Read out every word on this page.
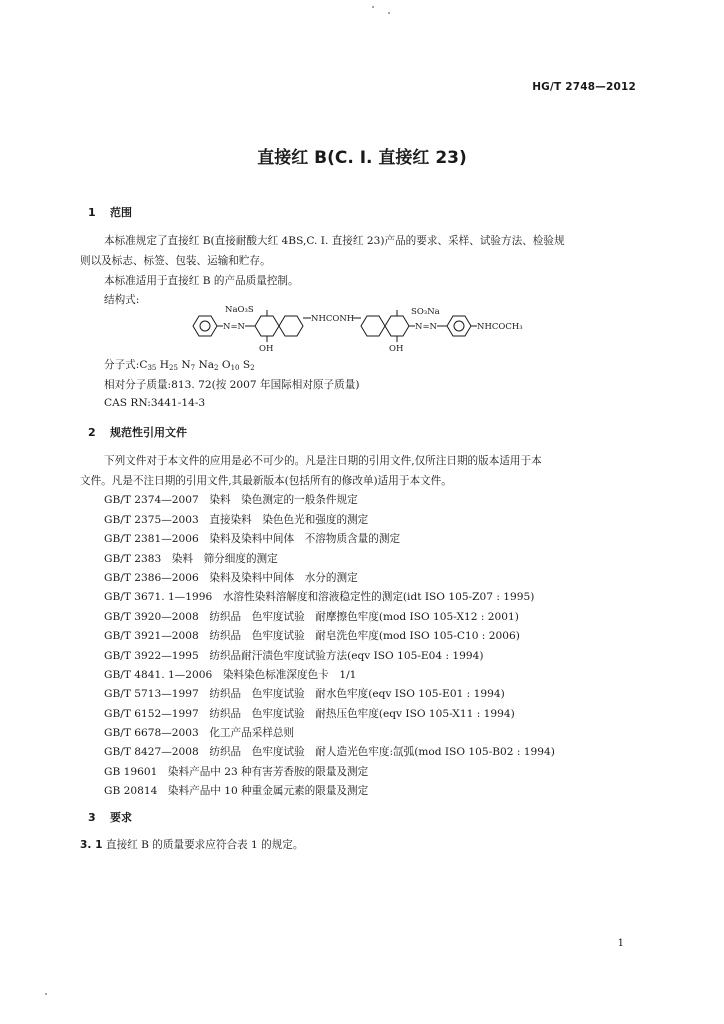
HG/T 2748—2012
直接红 B(C. I. 直接红 23)
1 范围
本标准规定了直接红 B(直接耐酸大红 4BS,C. I. 直接红 23)产品的要求、采样、试验方法、检验规
则以及标志、标签、包装、运输和贮存。
本标准适用于直接红 B 的产品质量控制。
结构式:
N=N
NaO₃S
OH
NHCONH
SO₃Na
OH
N=N	NHCOCH₃
分子式$:C_{35}$ $H_{25}$ $N_7$ $Na_2$ $O_{10}$ $S_2$
相对分子质量:813. 72(按 2007 年国际相对原子质量)
CAS RN:3441-14-3
2 规范性引用文件
下列文件对于本文件的应用是必不可少的。凡是注日期的引用文件,仅所注日期的版本适用于本
文件。凡是不注日期的引用文件,其最新版本(包括所有的修改单)适用于本文件。
GB/T 2374—2007　染料　染色测定的一般条件规定
GB/T 2375—2003　直接染料　染色色光和强度的测定
GB/T 2381—2006　染料及染料中间体　不溶物质含量的测定
GB/T 2383　染料　筛分细度的测定
GB/T 2386—2006　染料及染料中间体　水分的测定
GB/T 3671. 1—1996　水溶性染料溶解度和溶液稳定性的测定(idt ISO 105-Z07 : 1995)
GB/T 3920—2008　纺织品　色牢度试验　耐摩擦色牢度(mod ISO 105-X12 : 2001)
GB/T 3921—2008　纺织品　色牢度试验　耐皂洗色牢度(mod ISO 105-C10 : 2006)
GB/T 3922—1995　纺织品耐汗渍色牢度试验方法(eqv ISO 105-E04 : 1994)
GB/T 4841. 1—2006　染料染色标准深度色卡　1/1
GB/T 5713—1997　纺织品　色牢度试验　耐水色牢度(eqv ISO 105-E01 : 1994)
GB/T 6152—1997　纺织品　色牢度试验　耐热压色牢度(eqv ISO 105-X11 : 1994)
GB/T 6678—2003　化工产品采样总则
GB/T 8427—2008　纺织品　色牢度试验　耐人造光色牢度:氙弧(mod ISO 105-B02 : 1994)
GB 19601　染料产品中 23 种有害芳香胺的限量及测定
GB 20814　染料产品中 10 种重金属元素的限量及测定
3 要求
3. 1 直接红 B 的质量要求应符合表 1 的规定。
1
